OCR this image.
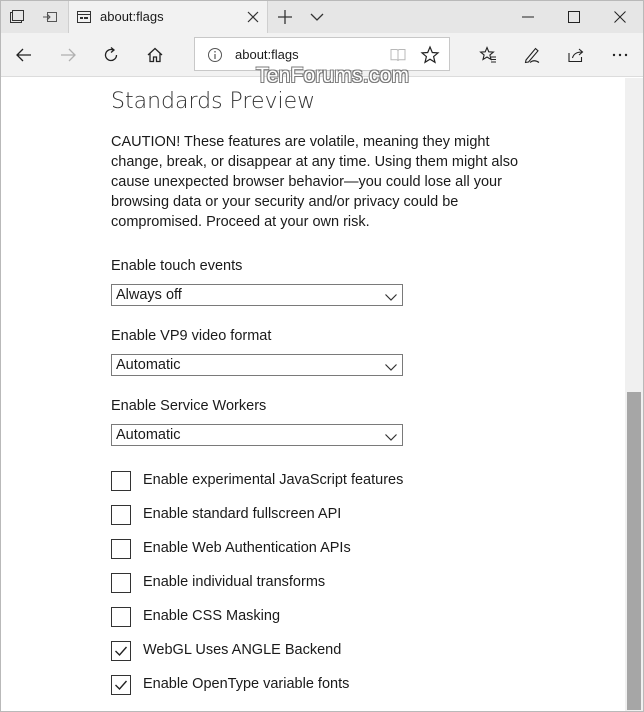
about:flags
about:flags
TenForums.com
Standards Preview
CAUTION! These features are volatile, meaning they might change, break, or disappear at any time. Using them might also cause unexpected browser behavior—you could lose all your browsing data or your security and/or privacy could be compromised. Proceed at your own risk.
Enable touch events
Always off
Enable VP9 video format
Automatic
Enable Service Workers
Automatic
Enable experimental JavaScript features
Enable standard fullscreen API
Enable Web Authentication APIs
Enable individual transforms
Enable CSS Masking
WebGL Uses ANGLE Backend
Enable OpenType variable fonts
